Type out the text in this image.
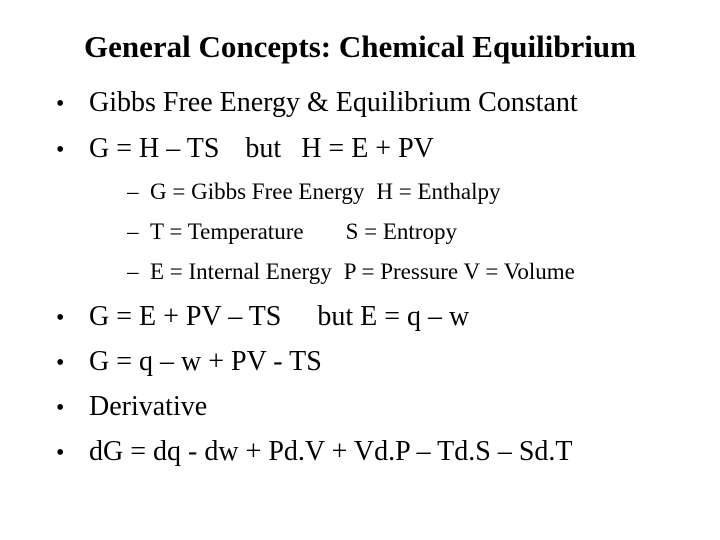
General Concepts: Chemical Equilibrium
• Gibbs Free Energy & Equilibrium Constant
• G = H – TS but H = E + PV
– G = Gibbs Free Energy H = Enthalpy
– T = Temperature S = Entropy
– E = Internal Energy P = Pressure V = Volume
• G = E + PV – TS but E = q – w
• G = q – w + PV - TS
• Derivative
• dG = dq - dw + Pd.V + Vd.P – Td.S – Sd.T
